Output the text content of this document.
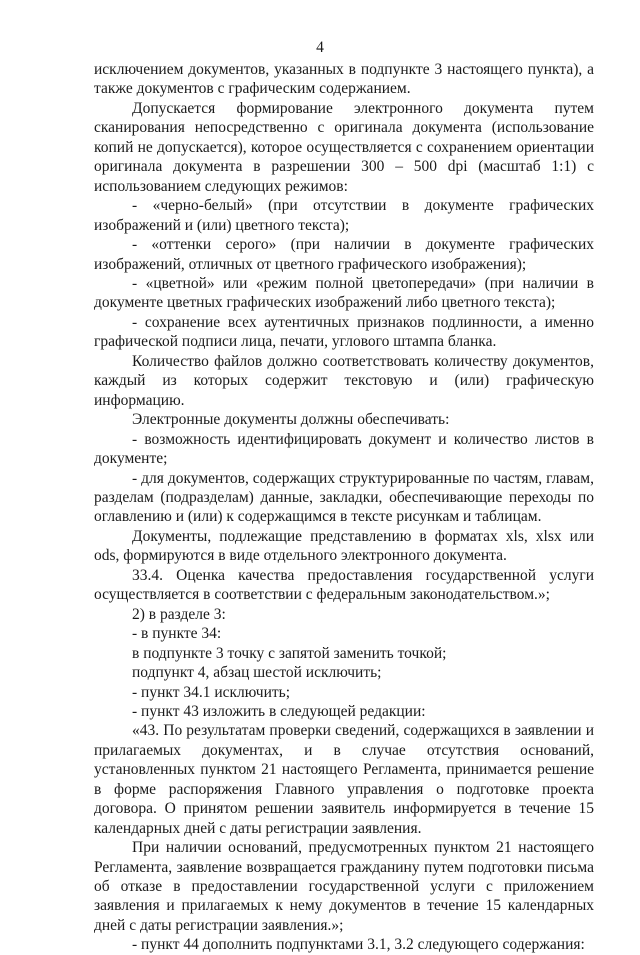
4

исключением документов, указанных в подпункте 3 настоящего пункта), а также документов с графическим содержанием.

Допускается формирование электронного документа путем сканирования непосредственно с оригинала документа (использование копий не допускается), которое осуществляется с сохранением ориентации оригинала документа в разрешении 300 – 500 dpi (масштаб 1:1) с использованием следующих режимов:

- «черно-белый» (при отсутствии в документе графических изображений и (или) цветного текста);

- «оттенки серого» (при наличии в документе графических изображений, отличных от цветного графического изображения);

- «цветной» или «режим полной цветопередачи» (при наличии в документе цветных графических изображений либо цветного текста);

- сохранение всех аутентичных признаков подлинности, а именно графической подписи лица, печати, углового штампа бланка.

Количество файлов должно соответствовать количеству документов, каждый из которых содержит текстовую и (или) графическую информацию.

Электронные документы должны обеспечивать:

- возможность идентифицировать документ и количество листов в документе;

- для документов, содержащих структурированные по частям, главам, разделам (подразделам) данные, закладки, обеспечивающие переходы по оглавлению и (или) к содержащимся в тексте рисункам и таблицам.

Документы, подлежащие представлению в форматах xls, xlsx или ods, формируются в виде отдельного электронного документа.

33.4. Оценка качества предоставления государственной услуги осуществляется в соответствии с федеральным законодательством.»;

2) в разделе 3:

- в пункте 34:

в подпункте 3 точку с запятой заменить точкой;

подпункт 4, абзац шестой исключить;

- пункт 34.1 исключить;

- пункт 43 изложить в следующей редакции:

«43. По результатам проверки сведений, содержащихся в заявлении и прилагаемых документах, и в случае отсутствия оснований, установленных пунктом 21 настоящего Регламента, принимается решение в форме распоряжения Главного управления о подготовке проекта договора. О принятом решении заявитель информируется в течение 15 календарных дней с даты регистрации заявления.

При наличии оснований, предусмотренных пунктом 21 настоящего Регламента, заявление возвращается гражданину путем подготовки письма об отказе в предоставлении государственной услуги с приложением заявления и прилагаемых к нему документов в течение 15 календарных дней с даты регистрации заявления.»;

- пункт 44 дополнить подпунктами 3.1, 3.2 следующего содержания:
